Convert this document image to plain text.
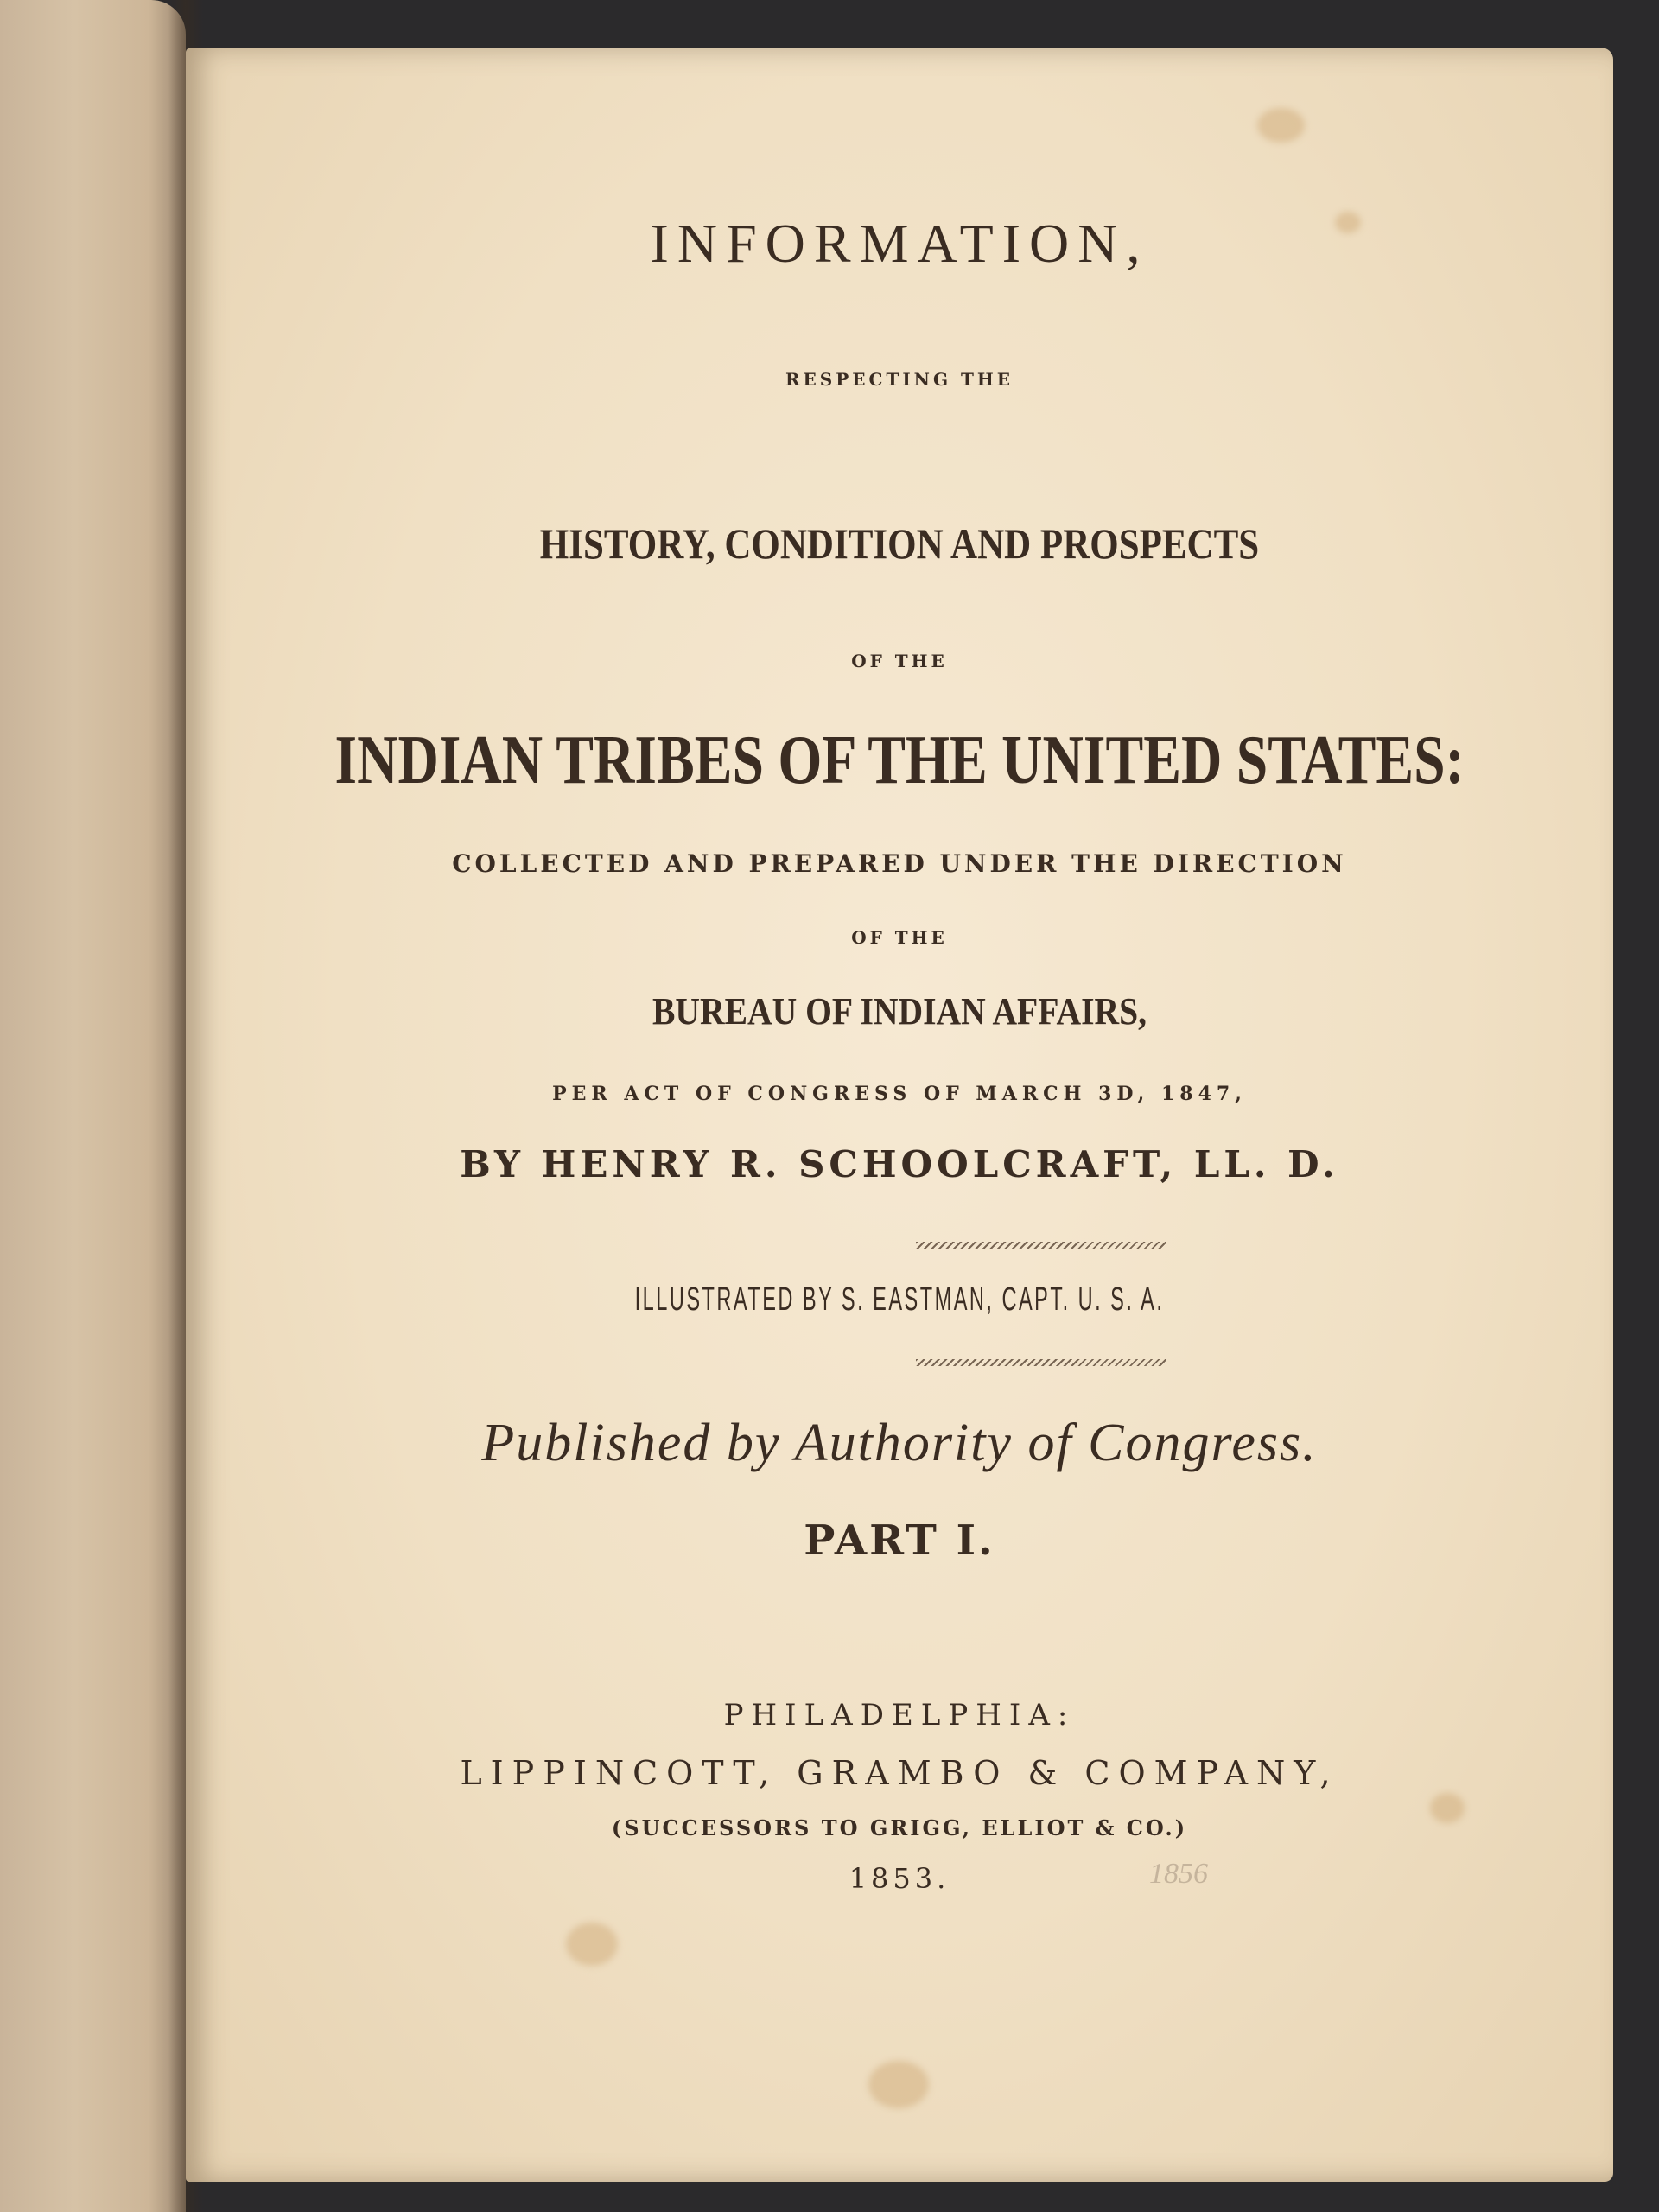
INFORMATION,
RESPECTING THE
HISTORY, CONDITION AND PROSPECTS
OF THE
INDIAN TRIBES OF THE UNITED STATES:
COLLECTED AND PREPARED UNDER THE DIRECTION
OF THE
BUREAU OF INDIAN AFFAIRS,
PER ACT OF CONGRESS OF MARCH 3D, 1847,
BY HENRY R. SCHOOLCRAFT, LL. D.
ILLUSTRATED BY S. EASTMAN, CAPT. U. S. A.
Published by Authority of Congress.
PART I.
PHILADELPHIA:
LIPPINCOTT, GRAMBO & COMPANY,
(SUCCESSORS TO GRIGG, ELLIOT & CO.)
1853.	1856
